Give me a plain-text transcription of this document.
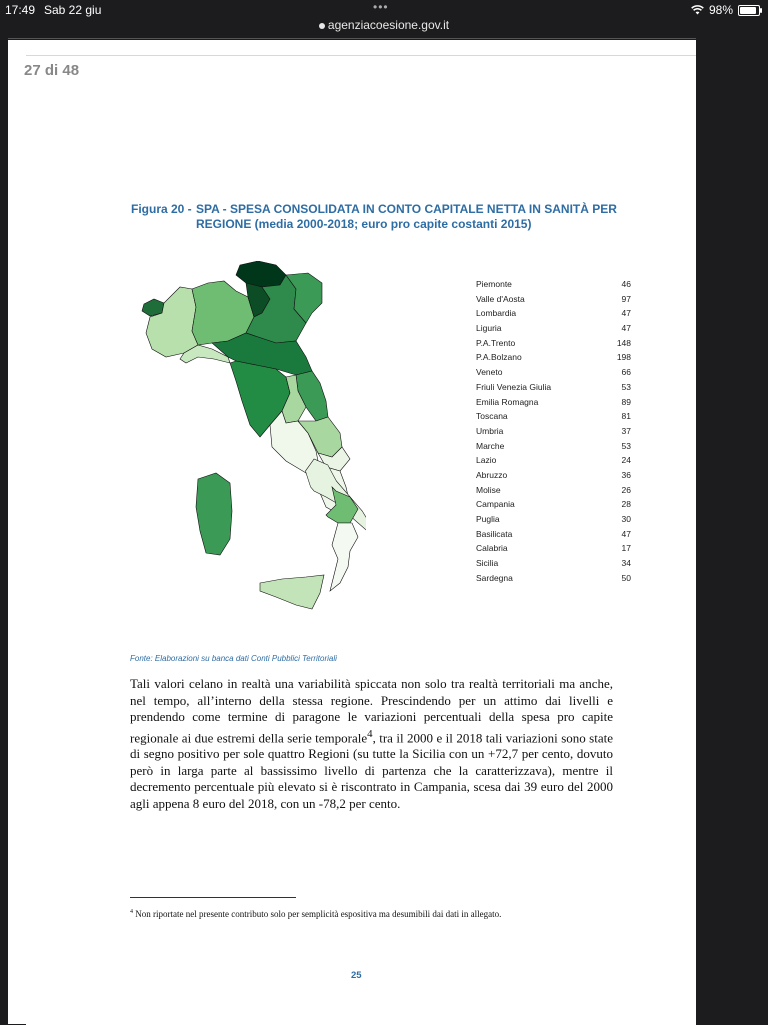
17:49 Sab 22 giu	•••	98%
agenziacoesione.gov.it
Figura 20 - SPA - SPESA CONSOLIDATA IN CONTO CAPITALE NETTA IN SANITÀ PER REGIONE (media 2000-2018; euro pro capite costanti 2015)
Piemonte	46
Valle d'Aosta	97
Lombardia	47
Liguria	47
P.A.Trento	148
P.A.Bolzano	198
Veneto	66
Friuli Venezia Giulia	53
Emilia Romagna	89
Toscana	81
Umbria	37
Marche	53
Lazio	24
Abruzzo	36
Molise	26
Campania	28
Puglia	30
Basilicata	47
Calabria	17
Sicilia	34
Sardegna	50
Fonte: Elaborazioni su banca dati Conti Pubblici Territoriali
Tali valori celano in realtà una variabilità spiccata non solo tra realtà territoriali ma anche, nel tempo, all’interno della stessa regione. Prescindendo per un attimo dai livelli e prendendo come termine di paragone le variazioni percentuali della spesa pro capite regionale ai due estremi della serie temporale$^4$, tra il 2000 e il 2018 tali variazioni sono state di segno positivo per sole quattro Regioni (su tutte la Sicilia con un +72,7 per cento, dovuto però in larga parte al bassissimo livello di partenza che la caratterizzava), mentre il decremento percentuale più elevato si è riscontrato in Campania, scesa dai 39 euro del 2000 agli appena 8 euro del 2018, con un -78,2 per cento.
$^4$ Non riportate nel presente contributo solo per semplicità espositiva ma desumibili dai dati in allegato.
25
27 di 48
